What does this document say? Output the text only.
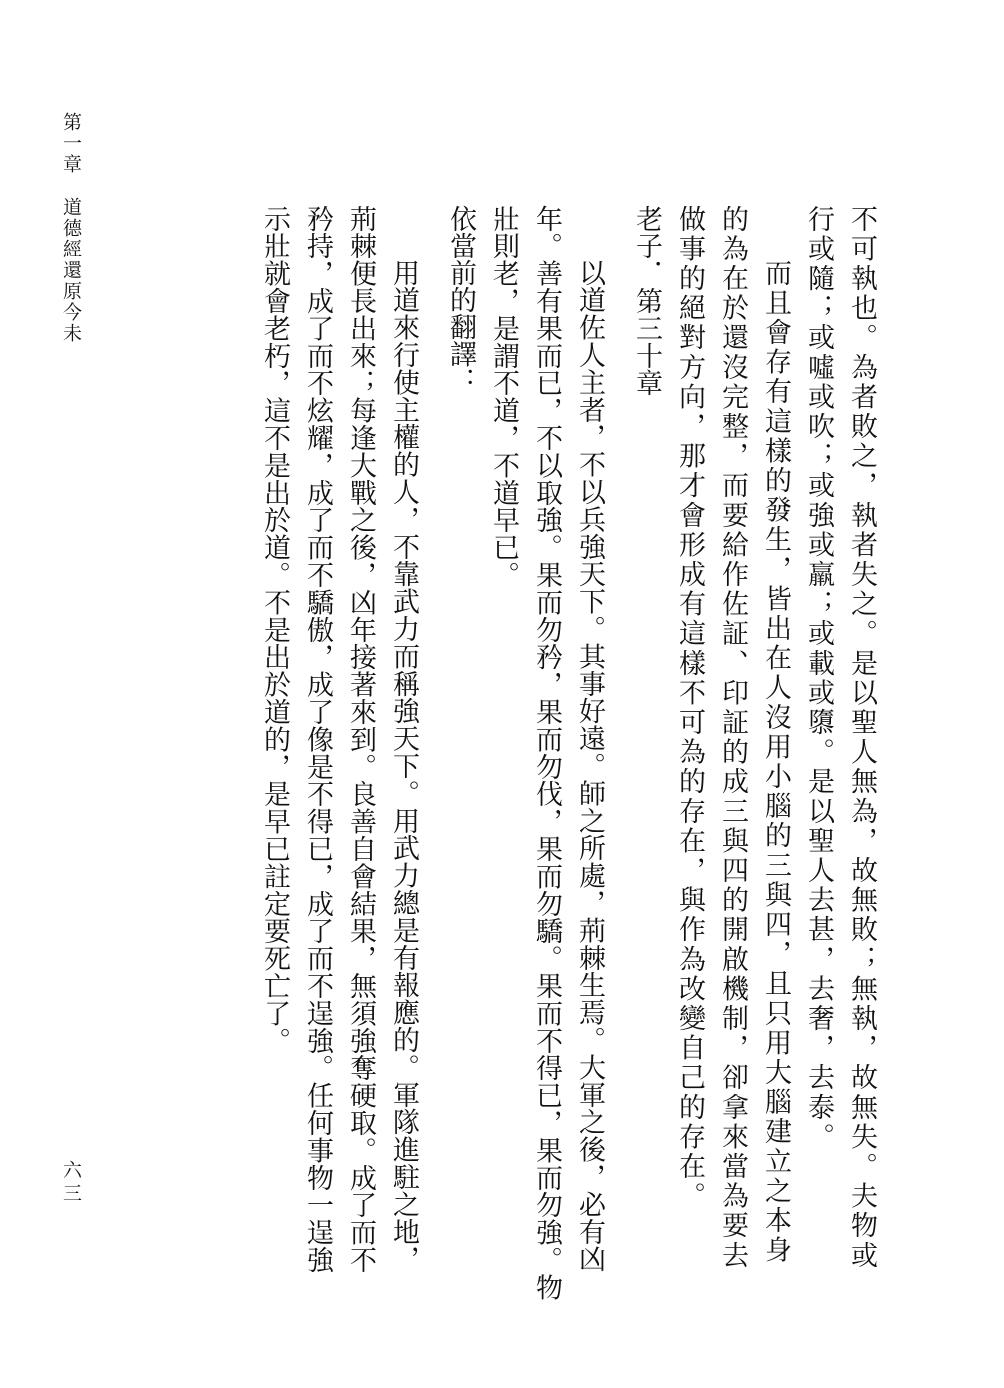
第一章道德經還原今未	不可執也。為者敗之，執者失之。是以聖人無為，故無敗；無執，故無失。夫物或

行或隨；或噓或吹；或強或羸；或載或隳。是以聖人去甚，去奢，去泰。

而且會存有這樣的發生，皆出在人沒用小腦的三與四，且只用大腦建立之本身

的為在於還沒完整，而要給作佐証、印証的成三與四的開啟機制，卻拿來當為要去

做事的絕對方向，那才會形成有這樣不可為的存在，與作為改變自己的存在。

老子．第三十章

以道佐人主者，不以兵強天下。其事好遠。師之所處，荊棘生焉。大軍之後，必有凶

年。善有果而已，不以取強。果而勿矜，果而勿伐，果而勿驕。果而不得已，果而勿強。物

壯則老，是謂不道，不道早已。

依當前的翻譯：

用道來行使主權的人，不靠武力而稱強天下。用武力總是有報應的。軍隊進駐之地，

荊棘便長出來；每逢大戰之後，凶年接著來到。良善自會結果，無須強奪硬取。成了而不

矜持，成了而不炫耀，成了而不驕傲，成了像是不得已，成了而不逞強。任何事物一逞強

示壯就會老朽，這不是出於道。不是出於道的，是早已註定要死亡了。

六三
